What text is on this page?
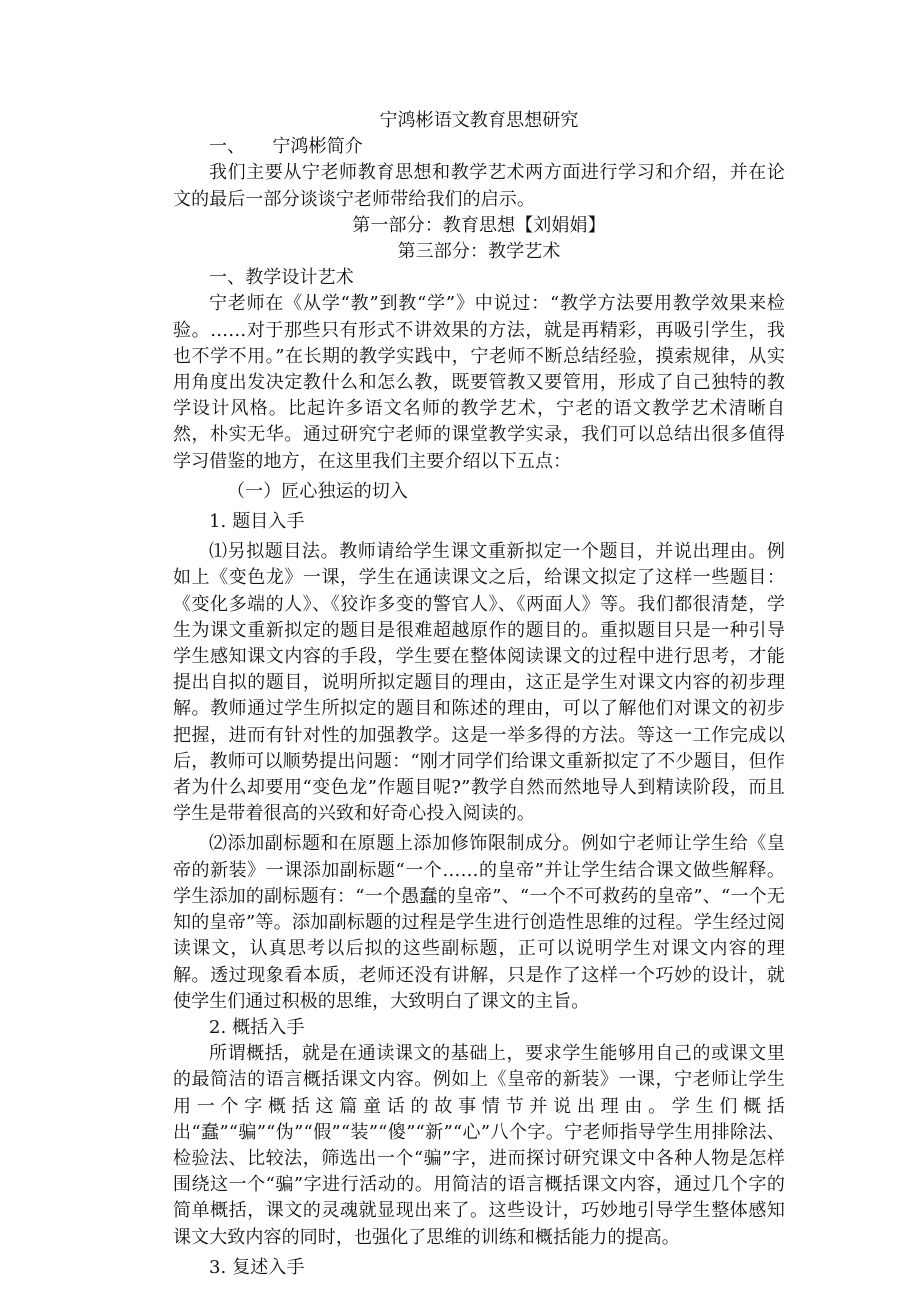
宁鸿彬语文教育思想研究

一、　　宁鸿彬简介

我们主要从宁老师教育思想和教学艺术两方面进行学习和介绍，并在论文的最后一部分谈谈宁老师带给我们的启示。

第一部分：教育思想【刘娟娟】

第三部分：教学艺术

一、教学设计艺术

宁老师在《从学“教”到教“学”》中说过：“教学方法要用教学效果来检验。……对于那些只有形式不讲效果的方法，就是再精彩，再吸引学生，我也不学不用。”在长期的教学实践中，宁老师不断总结经验，摸索规律，从实用角度出发决定教什么和怎么教，既要管教又要管用，形成了自己独特的教学设计风格。比起许多语文名师的教学艺术，宁老的语文教学艺术清晰自然，朴实无华。通过研究宁老师的课堂教学实录，我们可以总结出很多值得学习借鉴的地方，在这里我们主要介绍以下五点：

（一）匠心独运的切入

1. 题目入手

⑴另拟题目法。教师请给学生课文重新拟定一个题目，并说出理由。例如上《变色龙》一课，学生在通读课文之后，给课文拟定了这样一些题目：《变化多端的人》、《狡诈多变的警官人》、《两面人》等。我们都很清楚，学生为课文重新拟定的题目是很难超越原作的题目的。重拟题目只是一种引导学生感知课文内容的手段，学生要在整体阅读课文的过程中进行思考，才能提出自拟的题目，说明所拟定题目的理由，这正是学生对课文内容的初步理解。教师通过学生所拟定的题目和陈述的理由，可以了解他们对课文的初步把握，进而有针对性的加强教学。这是一举多得的方法。等这一工作完成以后，教师可以顺势提出问题：“刚才同学们给课文重新拟定了不少题目，但作者为什么却要用“变色龙”作题目呢?”教学自然而然地导人到精读阶段，而且学生是带着很高的兴致和好奇心投入阅读的。

⑵添加副标题和在原题上添加修饰限制成分。例如宁老师让学生给《皇帝的新装》一课添加副标题“一个……的皇帝”并让学生结合课文做些解释。学生添加的副标题有：“一个愚蠢的皇帝”、“一个不可救药的皇帝”、“一个无知的皇帝”等。添加副标题的过程是学生进行创造性思维的过程。学生经过阅读课文，认真思考以后拟的这些副标题，正可以说明学生对课文内容的理解。透过现象看本质，老师还没有讲解，只是作了这样一个巧妙的设计，就使学生们通过积极的思维，大致明白了课文的主旨。

2. 概括入手

所谓概括，就是在通读课文的基础上，要求学生能够用自己的或课文里的最简洁的语言概括课文内容。例如上《皇帝的新装》一课，宁老师让学生用一个字概括这篇童话的故事情节并说出理由。学生们概括出“蠢”“骗”“伪”“假”“装”“傻”“新”“心”八个字。宁老师指导学生用排除法、检验法、比较法，筛选出一个“骗”字，进而探讨研究课文中各种人物是怎样围绕这一个“骗”字进行活动的。用简洁的语言概括课文内容，通过几个字的简单概括，课文的灵魂就显现出来了。这些设计，巧妙地引导学生整体感知课文大致内容的同时，也强化了思维的训练和概括能力的提高。

3. 复述入手
